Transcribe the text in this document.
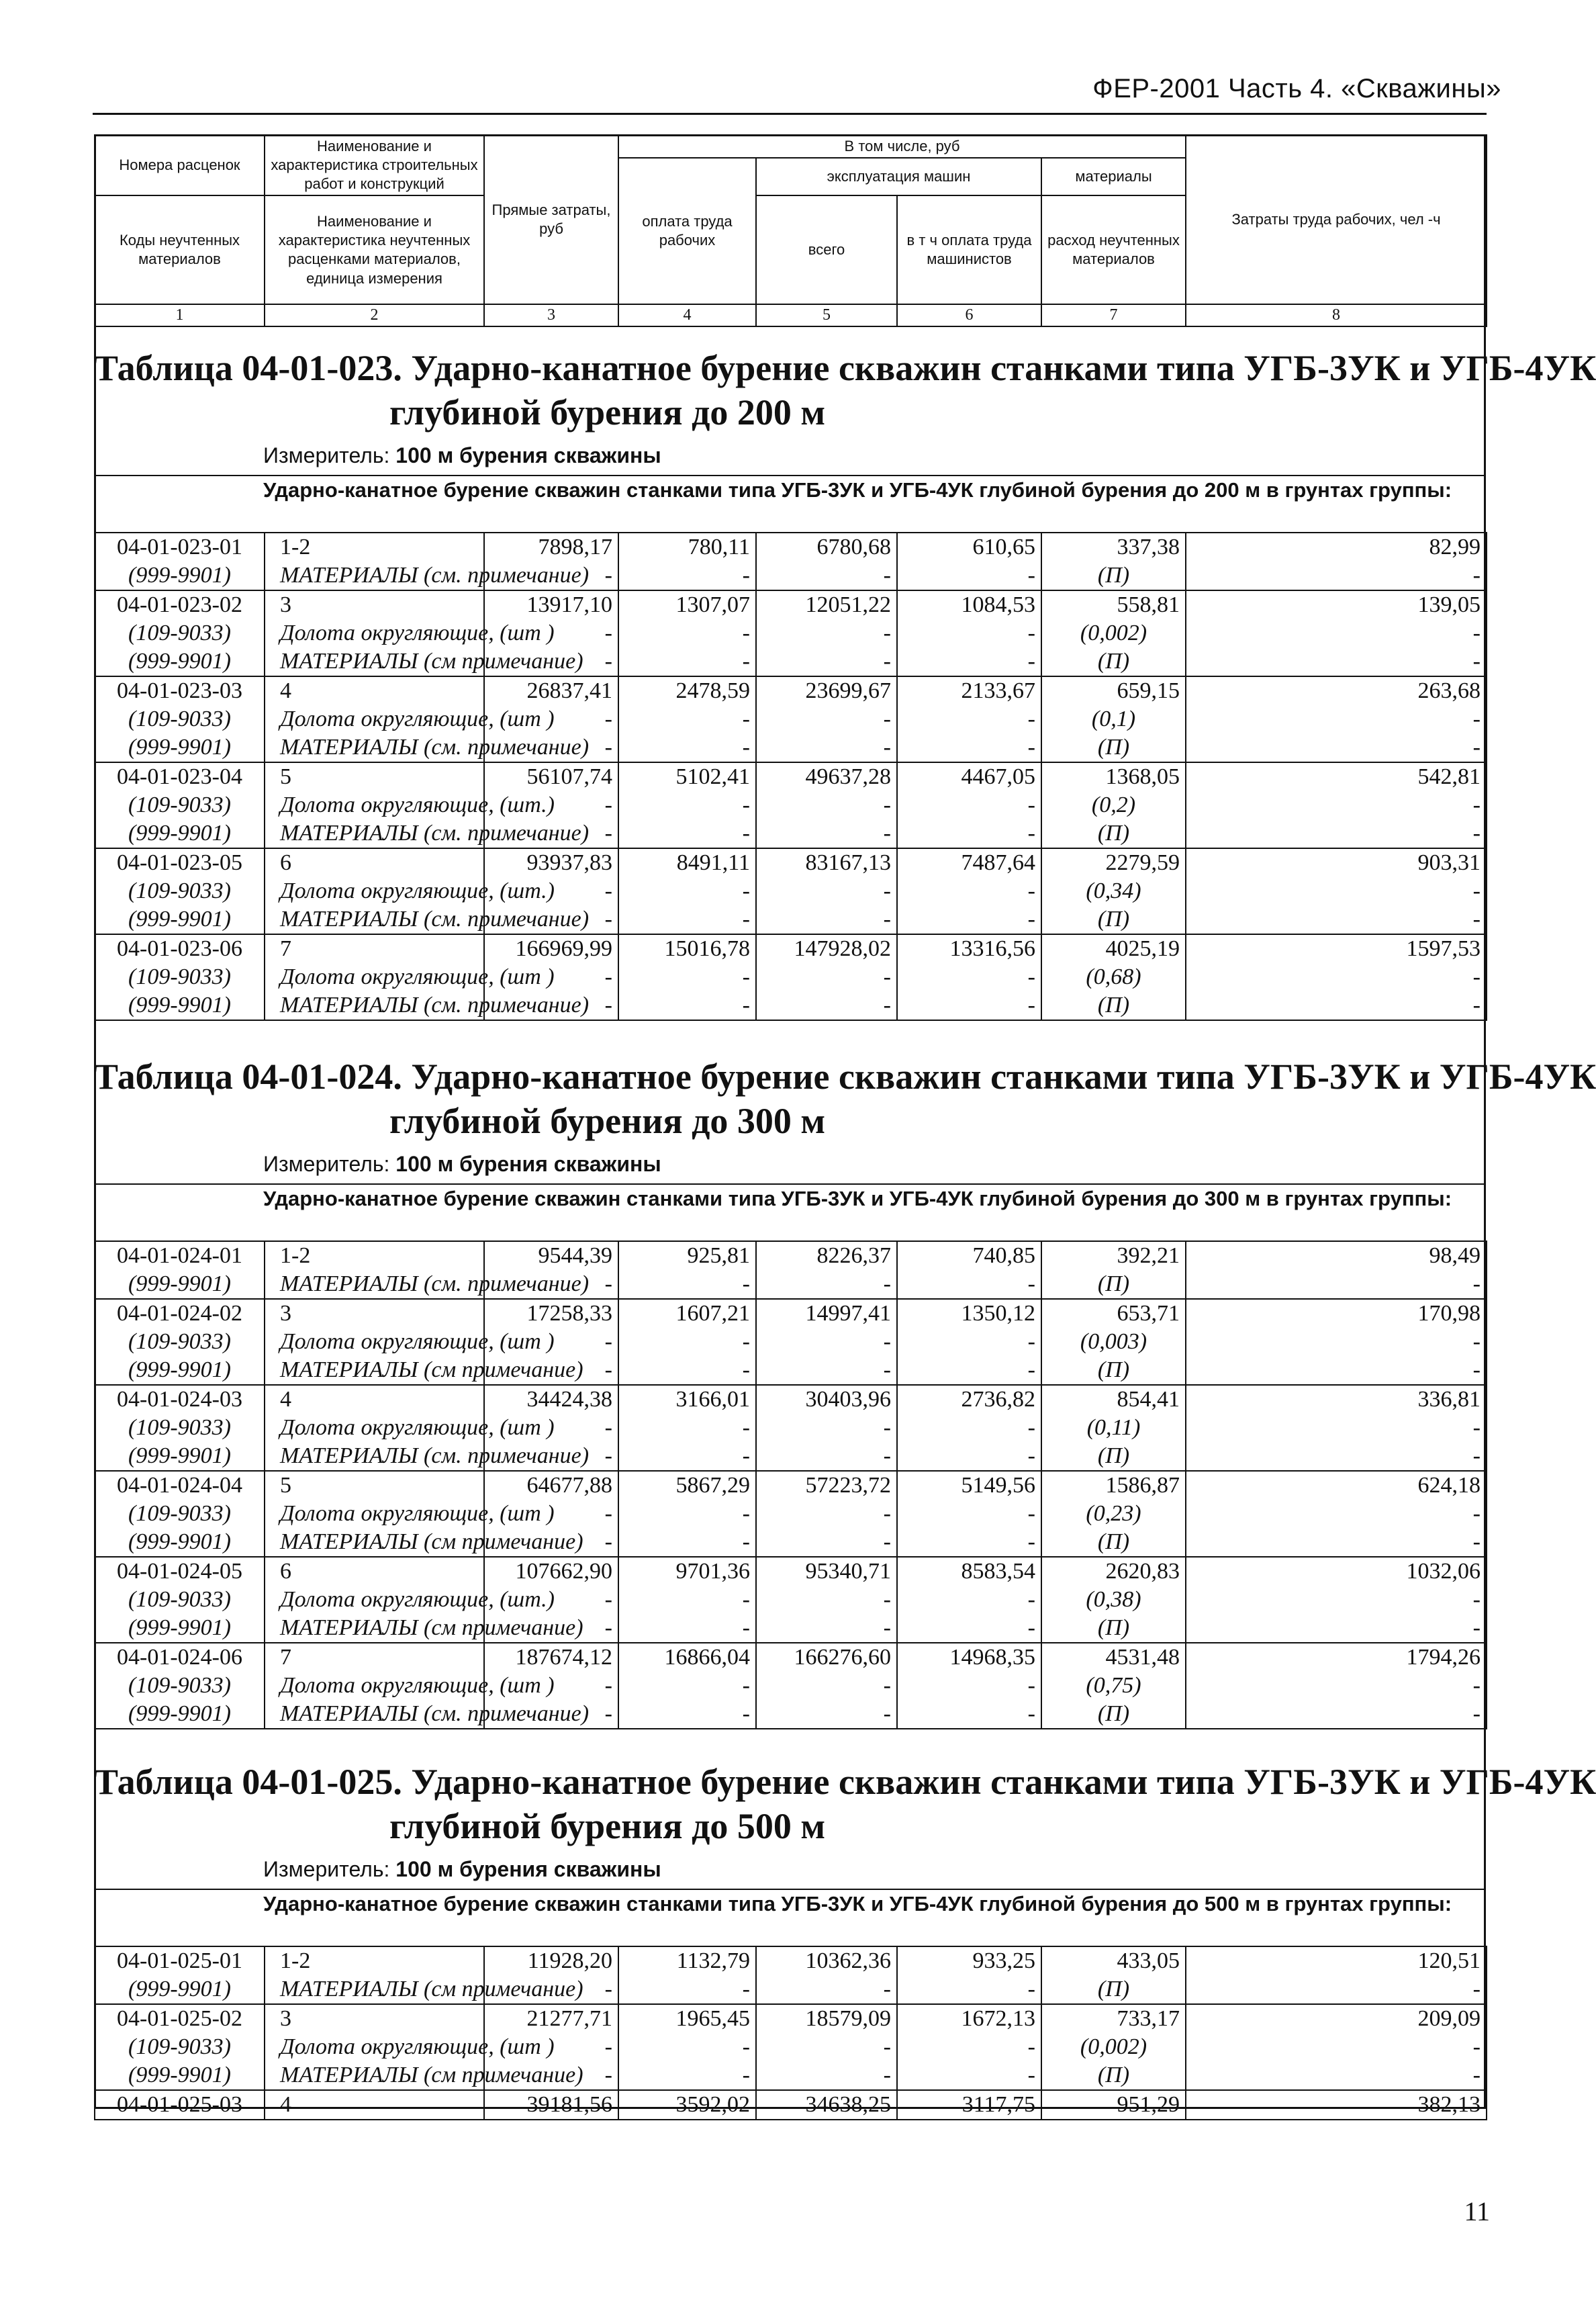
ФЕР-2001 Часть 4. «Скважины»
Номера расценок	Наименование и характеристика строительных работ и конструкций	Прямые затраты, руб	В том числе, руб				Затраты труда рабочих, чел -ч
			оплата труда рабочих	эксплуатация машин		материалы	
Коды неучтенных материалов	Наименование и характеристика неучтенных расценками материалов, единица измерения			всего	в т ч оплата труда машинистов	расход неучтенных материалов	

1	2	3	4	5	6	7	8
Таблица 04-01-023. Ударно-канатное бурение скважин станками типа УГБ-3УК и УГБ-4УК
глубиной бурения до 200 м
Измеритель: 100 м бурения скважины
Ударно-канатное бурение скважин станками типа УГБ-3УК и УГБ-4УК глубиной бурения до 200 м в грунтах группы:
04-01-023-01	1-2	7898,17	780,11	6780,68	610,65	337,38	82,99
(999-9901)	МАТЕРИАЛЫ (см. примечание)	-	-	-	-	(П)	-
04-01-023-02	3	13917,10	1307,07	12051,22	1084,53	558,81	139,05
(109-9033)	Долота округляющие, (шт )	-	-	-	-	(0,002)	-
(999-9901)	МАТЕРИАЛЫ (см примечание)	-	-	-	-	(П)	-
04-01-023-03	4	26837,41	2478,59	23699,67	2133,67	659,15	263,68
(109-9033)	Долота округляющие, (шт )	-	-	-	-	(0,1)	-
(999-9901)	МАТЕРИАЛЫ (см. примечание)	-	-	-	-	(П)	-
04-01-023-04	5	56107,74	5102,41	49637,28	4467,05	1368,05	542,81
(109-9033)	Долота округляющие, (шт.)	-	-	-	-	(0,2)	-
(999-9901)	МАТЕРИАЛЫ (см. примечание)	-	-	-	-	(П)	-
04-01-023-05	6	93937,83	8491,11	83167,13	7487,64	2279,59	903,31
(109-9033)	Долота округляющие, (шт.)	-	-	-	-	(0,34)	-
(999-9901)	МАТЕРИАЛЫ (см. примечание)	-	-	-	-	(П)	-
04-01-023-06	7	166969,99	15016,78	147928,02	13316,56	4025,19	1597,53
(109-9033)	Долота округляющие, (шт )	-	-	-	-	(0,68)	-
(999-9901)	МАТЕРИАЛЫ (см. примечание)	-	-	-	-	(П)	-
Таблица 04-01-024. Ударно-канатное бурение скважин станками типа УГБ-3УК и УГБ-4УК
глубиной бурения до 300 м
Измеритель: 100 м бурения скважины
Ударно-канатное бурение скважин станками типа УГБ-3УК и УГБ-4УК глубиной бурения до 300 м в грунтах группы:
04-01-024-01	1-2	9544,39	925,81	8226,37	740,85	392,21	98,49
(999-9901)	МАТЕРИАЛЫ (см. примечание)	-	-	-	-	(П)	-
04-01-024-02	3	17258,33	1607,21	14997,41	1350,12	653,71	170,98
(109-9033)	Долота округляющие, (шт )	-	-	-	-	(0,003)	-
(999-9901)	МАТЕРИАЛЫ (см примечание)	-	-	-	-	(П)	-
04-01-024-03	4	34424,38	3166,01	30403,96	2736,82	854,41	336,81
(109-9033)	Долота округляющие, (шт )	-	-	-	-	(0,11)	-
(999-9901)	МАТЕРИАЛЫ (см. примечание)	-	-	-	-	(П)	-
04-01-024-04	5	64677,88	5867,29	57223,72	5149,56	1586,87	624,18
(109-9033)	Долота округляющие, (шт )	-	-	-	-	(0,23)	-
(999-9901)	МАТЕРИАЛЫ (см примечание)	-	-	-	-	(П)	-
04-01-024-05	6	107662,90	9701,36	95340,71	8583,54	2620,83	1032,06
(109-9033)	Долота округляющие, (шт.)	-	-	-	-	(0,38)	-
(999-9901)	МАТЕРИАЛЫ (см примечание)	-	-	-	-	(П)	-
04-01-024-06	7	187674,12	16866,04	166276,60	14968,35	4531,48	1794,26
(109-9033)	Долота округляющие, (шт )	-	-	-	-	(0,75)	-
(999-9901)	МАТЕРИАЛЫ (см. примечание)	-	-	-	-	(П)	-
Таблица 04-01-025. Ударно-канатное бурение скважин станками типа УГБ-3УК и УГБ-4УК
глубиной бурения до 500 м
Измеритель: 100 м бурения скважины
Ударно-канатное бурение скважин станками типа УГБ-3УК и УГБ-4УК глубиной бурения до 500 м в грунтах группы:
04-01-025-01	1-2	11928,20	1132,79	10362,36	933,25	433,05	120,51
(999-9901)	МАТЕРИАЛЫ (см примечание)	-	-	-	-	(П)	-
04-01-025-02	3	21277,71	1965,45	18579,09	1672,13	733,17	209,09
(109-9033)	Долота округляющие, (шт )	-	-	-	-	(0,002)	-
(999-9901)	МАТЕРИАЛЫ (см примечание)	-	-	-	-	(П)	-
04-01-025-03	4	39181,56	3592,02	34638,25	3117,75	951,29	382,13
11
